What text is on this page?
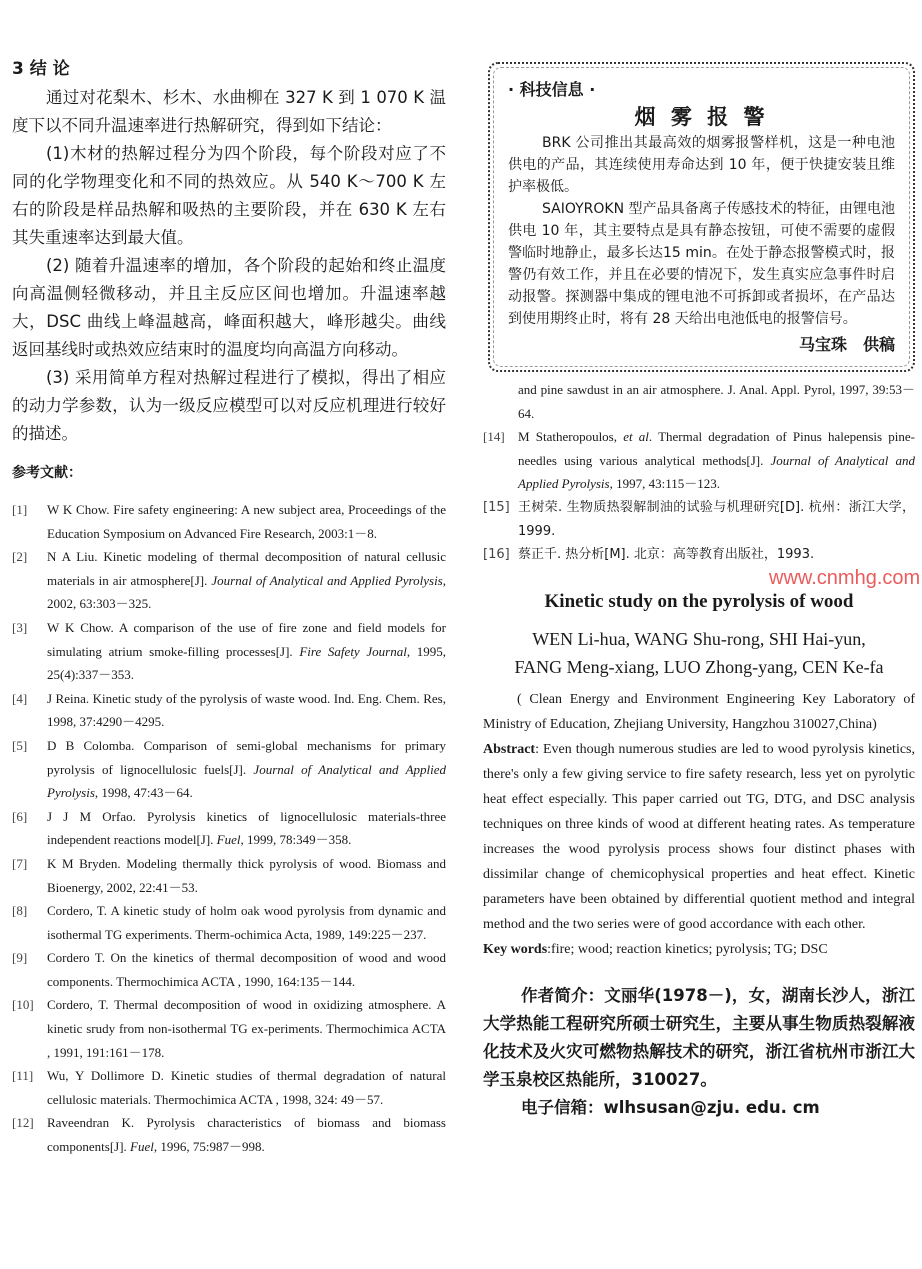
3 结 论
通过对花梨木、杉木、水曲柳在 327 K 到 1 070 K 温度下以不同升温速率进行热解研究，得到如下结论：
(1)木材的热解过程分为四个阶段，每个阶段对应了不同的化学物理变化和不同的热效应。从 540 K～700 K 左右的阶段是样品热解和吸热的主要阶段，并在 630 K 左右其失重速率达到最大值。
(2) 随着升温速率的增加，各个阶段的起始和终止温度向高温侧轻微移动，并且主反应区间也增加。升温速率越大，DSC 曲线上峰温越高，峰面积越大，峰形越尖。曲线返回基线时或热效应结束时的温度均向高温方向移动。
(3) 采用简单方程对热解过程进行了模拟，得出了相应的动力学参数，认为一级反应模型可以对反应机理进行较好的描述。
参考文献：
[1] W K Chow. Fire safety engineering: A new subject area, Proceedings of the Education Symposium on Advanced Fire Research, 2003:1－8.
[2] N A Liu. Kinetic modeling of thermal decomposition of natural cellusic materials in air atmosphere[J]. Journal of Analytical and Applied Pyrolysis, 2002, 63:303－325.
[3] W K Chow. A comparison of the use of fire zone and field models for simulating atrium smoke-filling processes[J]. Fire Safety Journal, 1995, 25(4):337－353.
[4] J Reina. Kinetic study of the pyrolysis of waste wood. Ind. Eng. Chem. Res, 1998, 37:4290－4295.
[5] D B Colomba. Comparison of semi-global mechanisms for primary pyrolysis of lignocellulosic fuels[J]. Journal of Analytical and Applied Pyrolysis, 1998, 47:43－64.
[6] J J M Orfao. Pyrolysis kinetics of lignocellulosic materials-three independent reactions model[J]. Fuel, 1999, 78:349－358.
[7] K M Bryden. Modeling thermally thick pyrolysis of wood. Biomass and Bioenergy, 2002, 22:41－53.
[8] Cordero, T. A kinetic study of holm oak wood pyrolysis from dynamic and isothermal TG experiments. Therm-ochimica Acta, 1989, 149:225－237.
[9] Cordero T. On the kinetics of thermal decomposition of wood and wood components. Thermochimica ACTA , 1990, 164:135－144.
[10] Cordero, T. Thermal decomposition of wood in oxidizing atmosphere. A kinetic srudy from non-isothermal TG ex-periments. Thermochimica ACTA , 1991, 191:161－178.
[11] Wu, Y Dollimore D. Kinetic studies of thermal degradation of natural cellulosic materials. Thermochimica ACTA , 1998, 324: 49－57.
[12] Raveendran K. Pyrolysis characteristics of biomass and biomass components[J]. Fuel, 1996, 75:987－998.
· 科技信息 ·
烟 雾 报 警
BRK 公司推出其最高效的烟雾报警样机，这是一种电池供电的产品，其连续使用寿命达到 10 年，便于快捷安装且维护率极低。
SAIOYROKN 型产品具备离子传感技术的特征，由锂电池供电 10 年，其主要特点是具有静态按钮，可使不需要的虚假警临时地静止，最多长达15 min。在处于静态报警模式时，报警仍有效工作，并且在必要的情况下，发生真实应急事件时启动报警。探测器中集成的锂电池不可拆卸或者损坏，在产品达到使用期终止时，将有 28 天给出电池低电的报警信号。
马宝珠　供稿
and pine sawdust in an air atmosphere. J. Anal. Appl. Pyrol, 1997, 39:53－64.
[14] M Statheropoulos, et al. Thermal degradation of Pinus halepensis pine-needles using various analytical methods[J]. Journal of Analytical and Applied Pyrolysis, 1997, 43:115－123.
[15] 王树荣. 生物质热裂解制油的试验与机理研究[D]. 杭州：浙江大学，1999.
[16] 蔡正千. 热分析[M]. 北京：高等教育出版社，1993.
Kinetic study on the pyrolysis of wood
WEN Li-hua, WANG Shu-rong, SHI Hai-yun,
FANG Meng-xiang, LUO Zhong-yang, CEN Ke-fa
( Clean Energy and Environment Engineering Key Laboratory of Ministry of Education, Zhejiang University, Hangzhou 310027,China)
Abstract: Even though numerous studies are led to wood pyrolysis kinetics, there's only a few giving service to fire safety research, less yet on pyrolytic heat effect especially. This paper carried out TG, DTG, and DSC analysis techniques on three kinds of wood at different heating rates. As temperature increases the wood pyrolysis process shows four distinct phases with dissimilar change of chemicophysical properties and heat effect. Kinetic parameters have been obtained by differential quotient method and integral method and the two series were of good accordance with each other.
Key words:fire; wood; reaction kinetics; pyrolysis; TG; DSC
作者简介：文丽华(1978－)，女，湖南长沙人，浙江大学热能工程研究所硕士研究生，主要从事生物质热裂解液化技术及火灾可燃物热解技术的研究，浙江省杭州市浙江大学玉泉校区热能所，310027。
电子信箱：wlhsusan@zju. edu. cm
www.cnmhg.com
